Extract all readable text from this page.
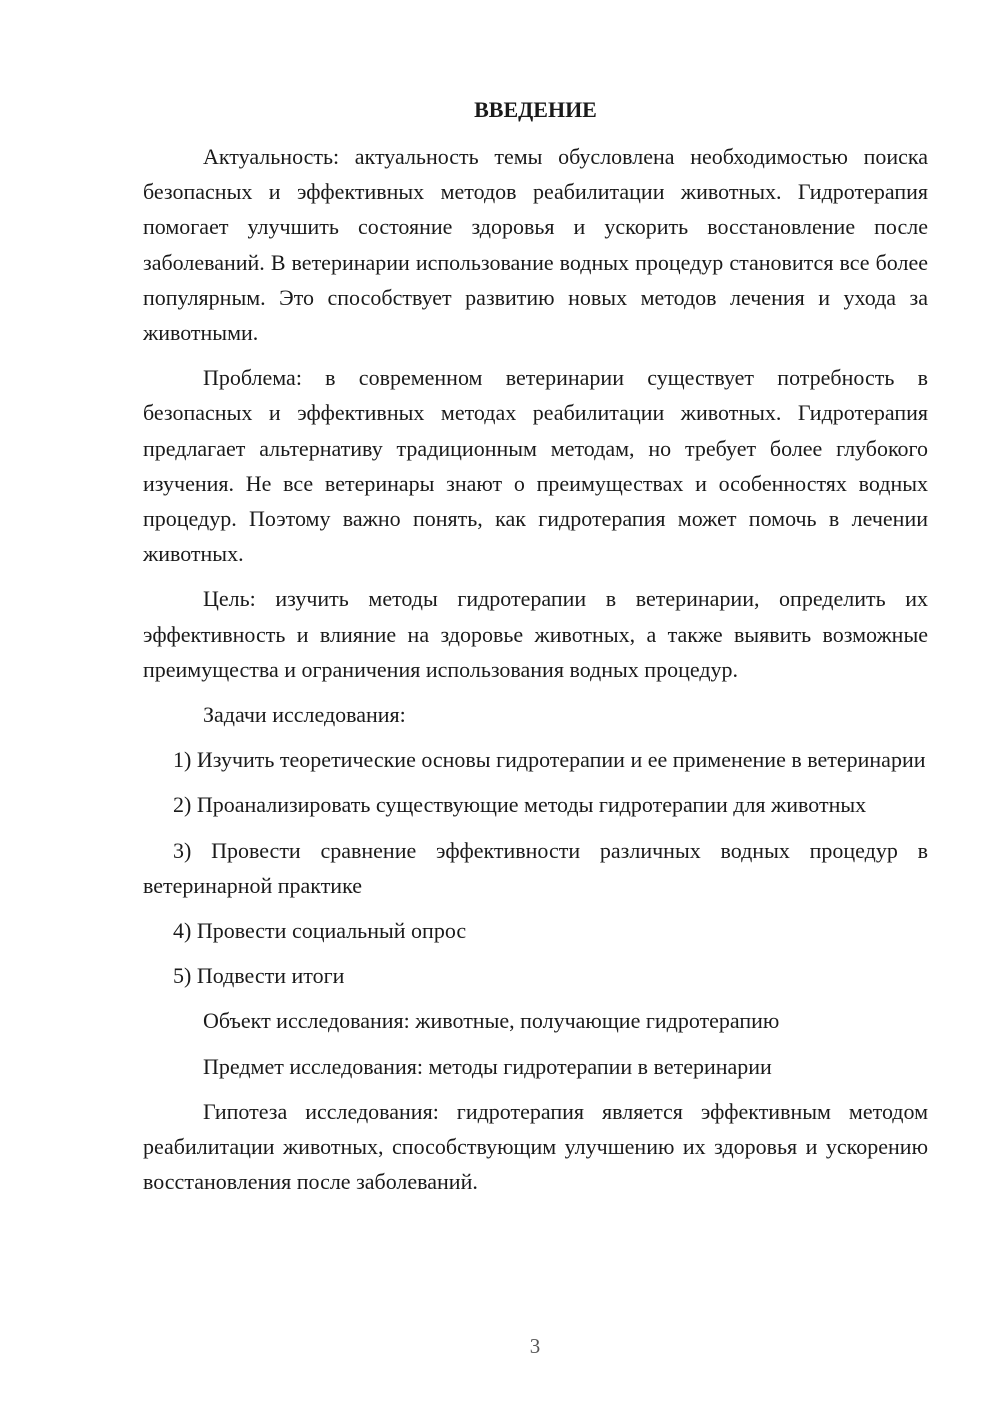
ВВЕДЕНИЕ

Актуальность: актуальность темы обусловлена необходимостью поиска безопасных и эффективных методов реабилитации животных. Гидротерапия помогает улучшить состояние здоровья и ускорить восстановление после заболеваний. В ветеринарии использование водных процедур становится все более популярным. Это способствует развитию новых методов лечения и ухода за животными.

Проблема: в современном ветеринарии существует потребность в безопасных и эффективных методах реабилитации животных. Гидротерапия предлагает альтернативу традиционным методам, но требует более глубокого изучения. Не все ветеринары знают о преимуществах и особенностях водных процедур. Поэтому важно понять, как гидротерапия может помочь в лечении животных.

Цель: изучить методы гидротерапии в ветеринарии, определить их эффективность и влияние на здоровье животных, а также выявить возможные преимущества и ограничения использования водных процедур.

Задачи исследования:

1) Изучить теоретические основы гидротерапии и ее применение в ветеринарии

2) Проанализировать существующие методы гидротерапии для животных

3) Провести сравнение эффективности различных водных процедур в ветеринарной практике

4) Провести социальный опрос

5) Подвести итоги

Объект исследования: животные, получающие гидротерапию

Предмет исследования: методы гидротерапии в ветеринарии

Гипотеза исследования: гидротерапия является эффективным методом реабилитации животных, способствующим улучшению их здоровья и ускорению восстановления после заболеваний.

3
